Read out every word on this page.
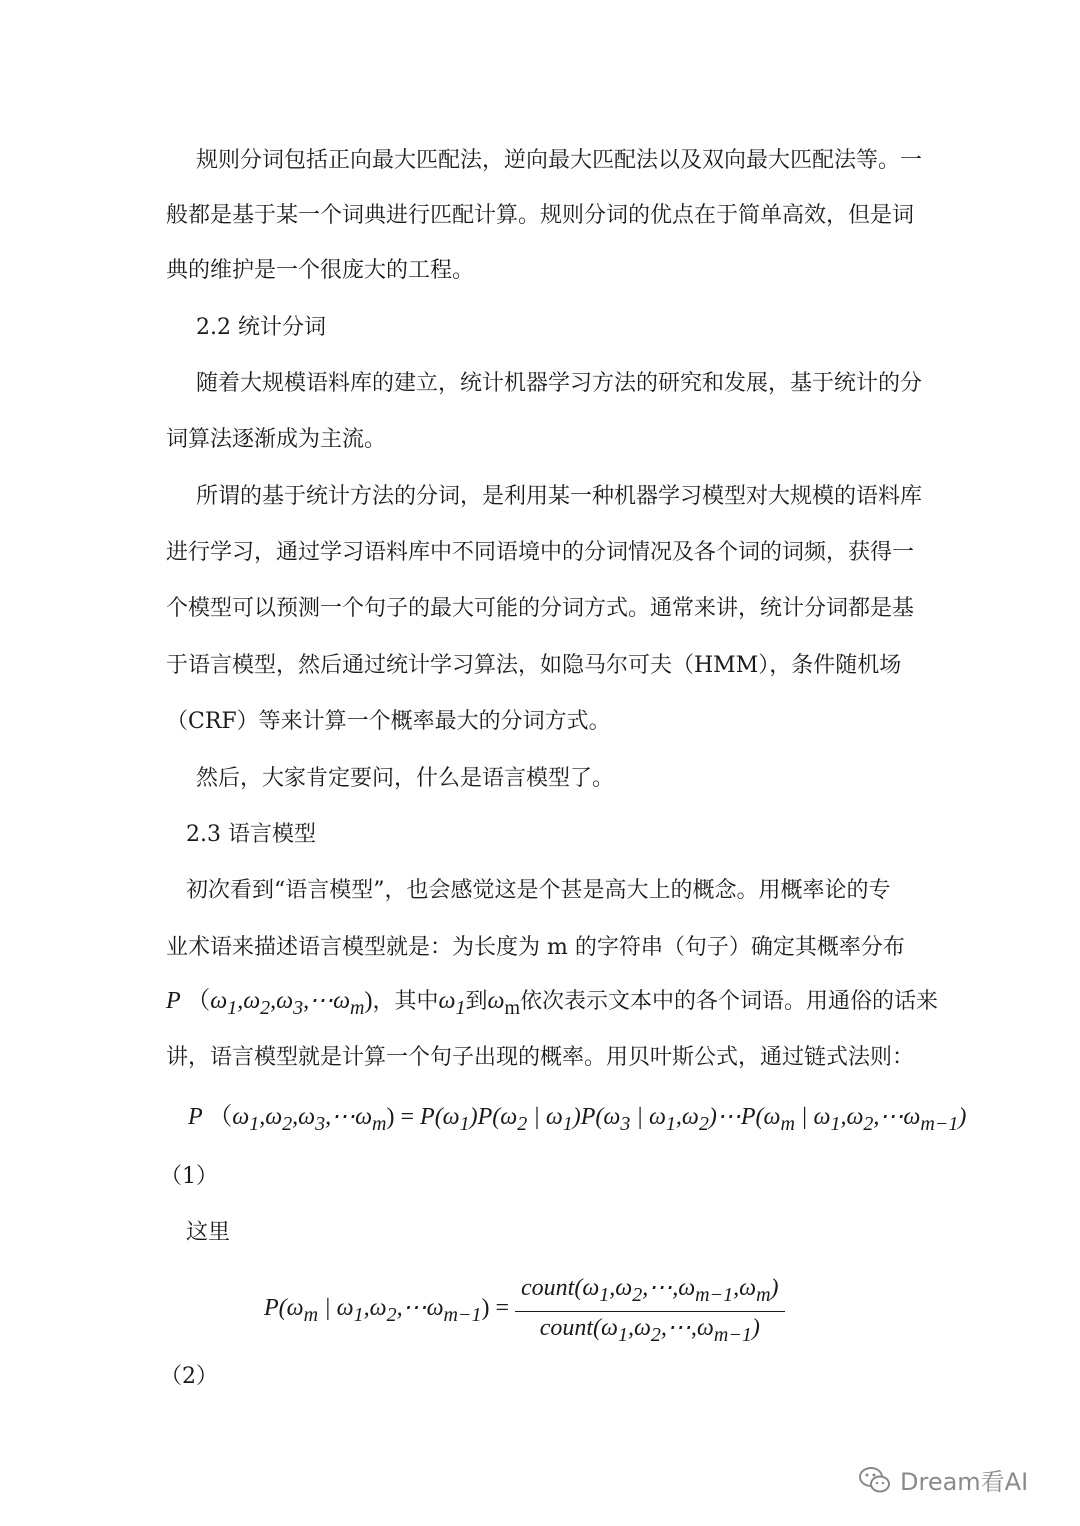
规则分词包括正向最大匹配法，逆向最大匹配法以及双向最大匹配法等。一
般都是基于某一个词典进行匹配计算。规则分词的优点在于简单高效，但是词
典的维护是一个很庞大的工程。
2.2 统计分词
随着大规模语料库的建立，统计机器学习方法的研究和发展，基于统计的分
词算法逐渐成为主流。
所谓的基于统计方法的分词，是利用某一种机器学习模型对大规模的语料库
进行学习，通过学习语料库中不同语境中的分词情况及各个词的词频，获得一
个模型可以预测一个句子的最大可能的分词方式。通常来讲，统计分词都是基
于语言模型，然后通过统计学习算法，如隐马尔可夫（HMM），条件随机场
（CRF）等来计算一个概率最大的分词方式。
然后，大家肯定要问，什么是语言模型了。
2.3 语言模型
初次看到“语言模型”，也会感觉这是个甚是高大上的概念。用概率论的专
业术语来描述语言模型就是：为长度为 m 的字符串（句子）确定其概率分布
P $(\omega_1,\omega_2,\omega_3,\cdots\omega_m)$，其中$\omega_1$到$\omega_m$依次表示文本中的各个词语。用通俗的话来
讲，语言模型就是计算一个句子出现的概率。用贝叶斯公式，通过链式法则：
P $(\omega_1,\omega_2,\omega_3,\cdots\omega_m) = P(\omega_1)P(\omega_2$ | $\omega_1)P(\omega_3$ | $\omega_1,\omega_2)\cdots P(\omega_m$ | $\omega_1,\omega_2,\cdots\omega_{m-1}$)
（1）
这里
$P(\omega_m$ | $\omega_1,\omega_2,\cdots\omega_{m-1}) = \frac{count(\omega_1,\omega_2,\cdots,\omega_{m-1},\omega_m)}{count(\omega_1,\omega_2,\cdots,\omega_{m-1})}$
（2）
Dream看AI
